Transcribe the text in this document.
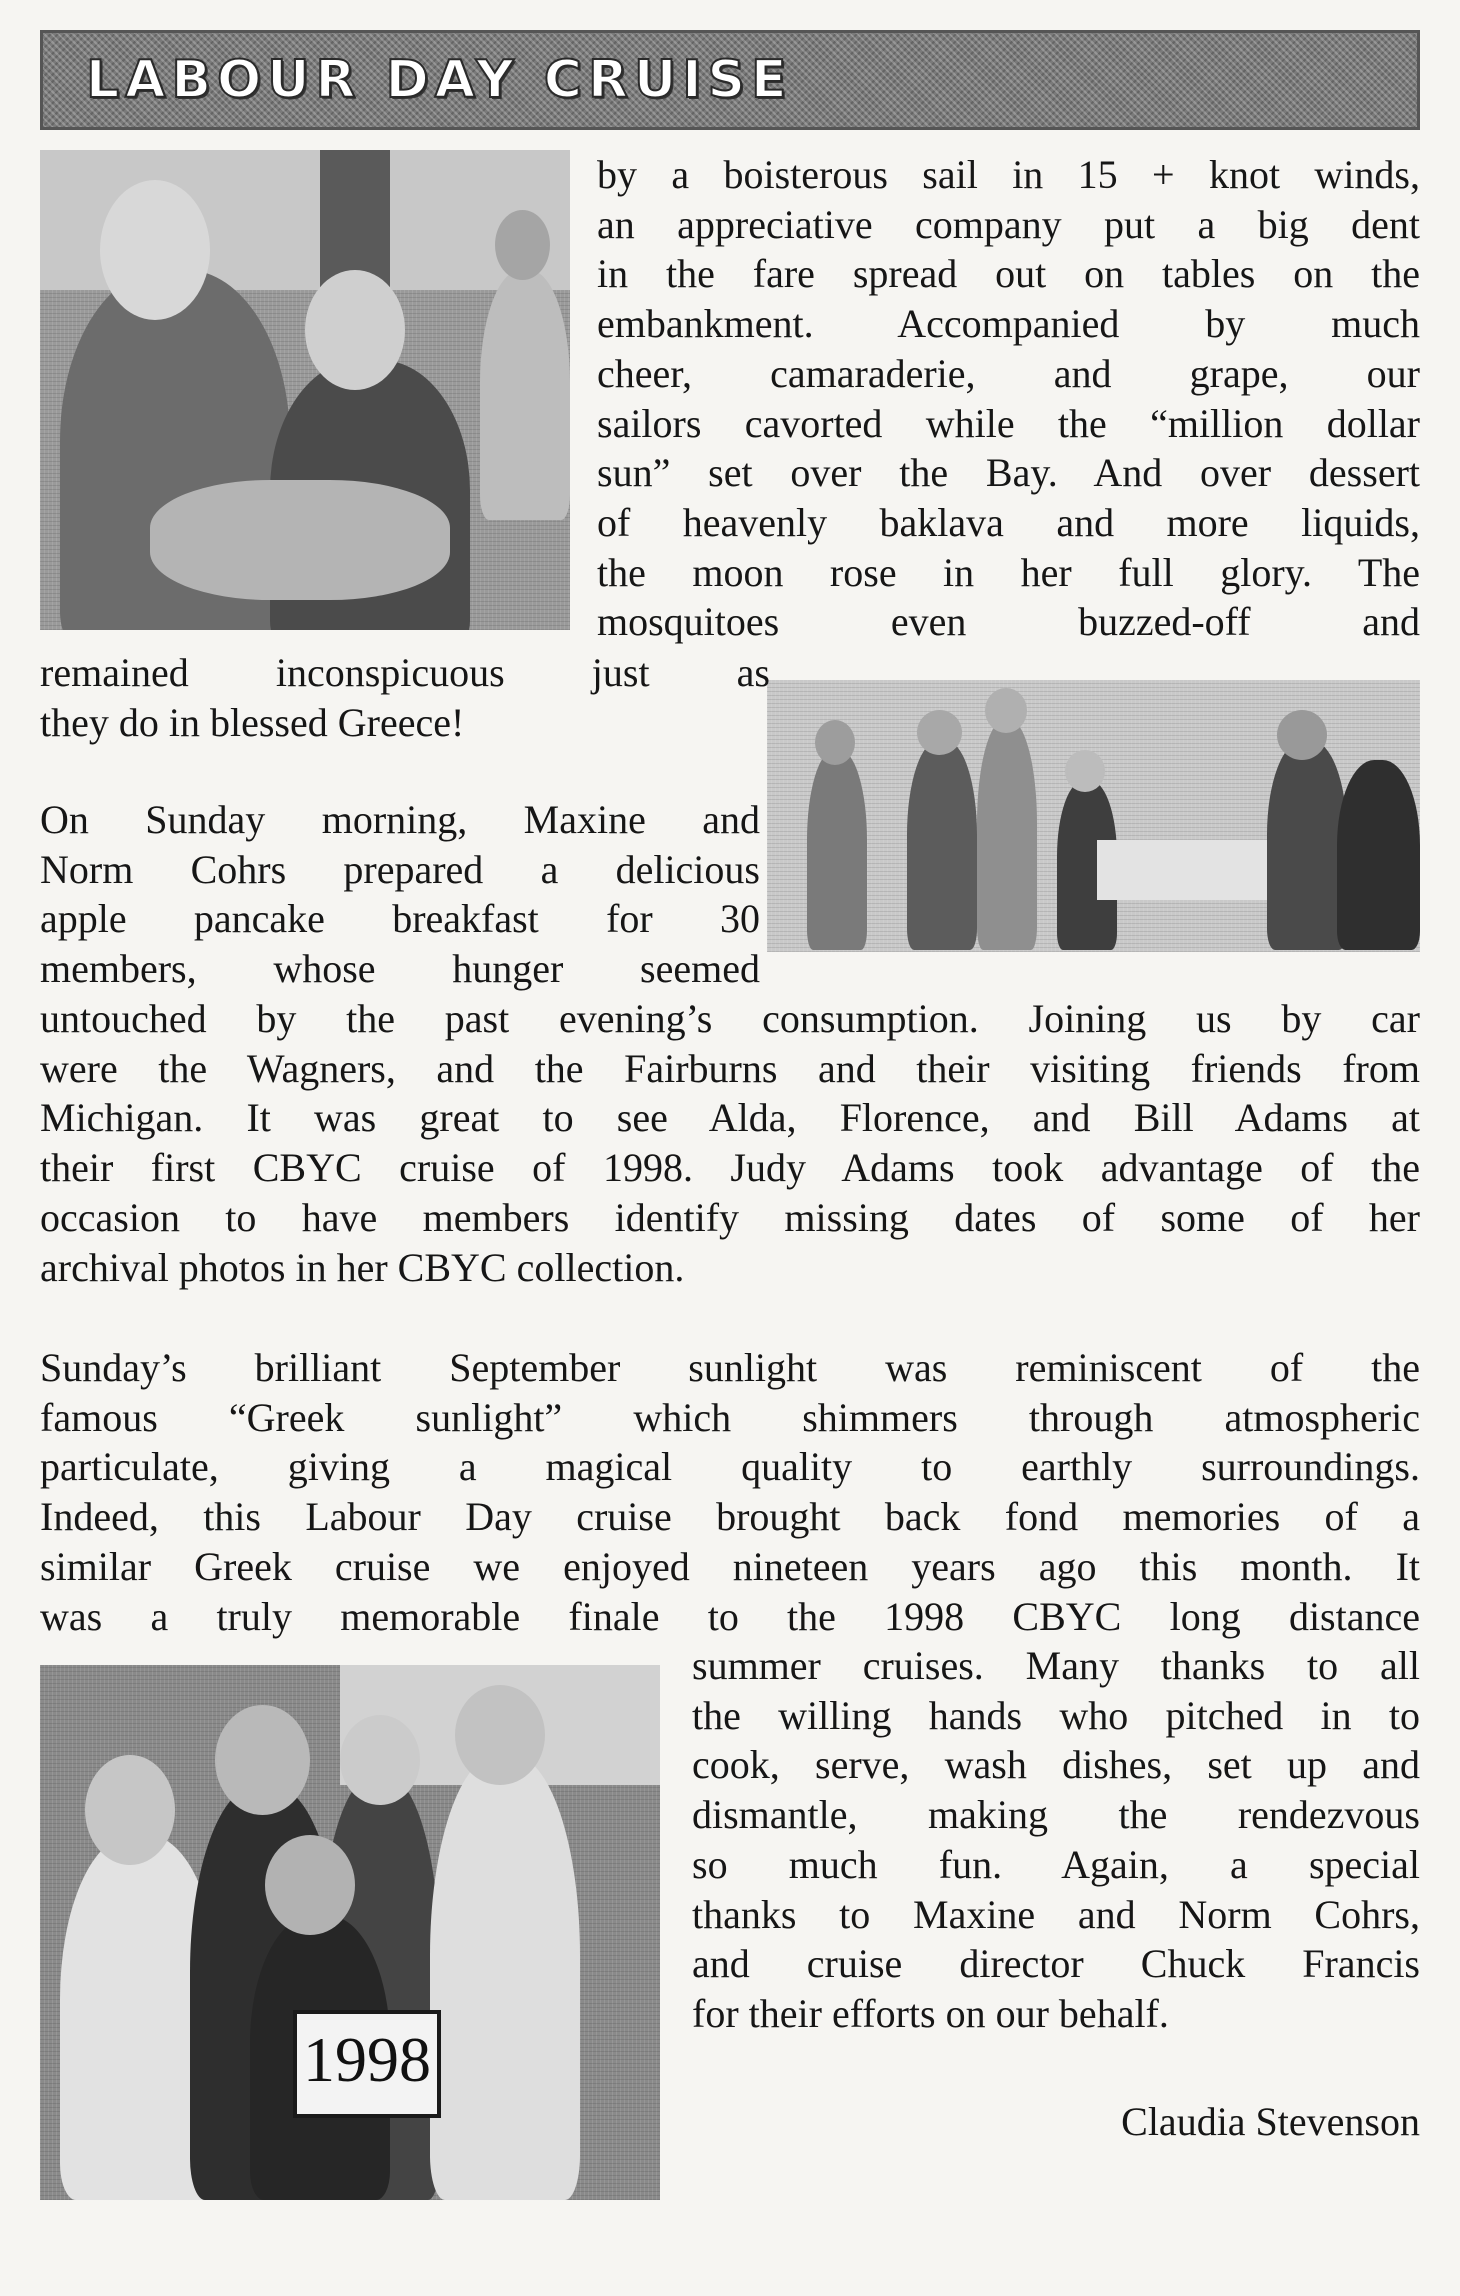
LABOUR DAY CRUISE
1998
by a boisterous sail in 15 + knot winds,
an appreciative company put a big dent
in the fare spread out on tables on the
embankment. Accompanied by much
cheer, camaraderie, and grape, our
sailors cavorted while the “million dollar
sun” set over the Bay. And over dessert
of heavenly baklava and more liquids,
the moon rose in her full glory. The
mosquitoes even buzzed-off and
remained inconspicuous just as
they do in blessed Greece!
On Sunday morning, Maxine and
Norm Cohrs prepared a delicious
apple pancake breakfast for 30
members, whose hunger seemed
untouched by the past evening’s consumption. Joining us by car
were the Wagners, and the Fairburns and their visiting friends from
Michigan. It was great to see Alda, Florence, and Bill Adams at
their first CBYC cruise of 1998. Judy Adams took advantage of the
occasion to have members identify missing dates of some of her
archival photos in her CBYC collection.
Sunday’s brilliant September sunlight was reminiscent of the
famous “Greek sunlight” which shimmers through atmospheric
particulate, giving a magical quality to earthly surroundings.
Indeed, this Labour Day cruise brought back fond memories of a
similar Greek cruise we enjoyed nineteen years ago this month. It
was a truly memorable finale to the 1998 CBYC long distance
summer cruises. Many thanks to all
the willing hands who pitched in to
cook, serve, wash dishes, set up and
dismantle, making the rendezvous
so much fun. Again, a special
thanks to Maxine and Norm Cohrs,
and cruise director Chuck Francis
for their efforts on our behalf.
Claudia Stevenson
